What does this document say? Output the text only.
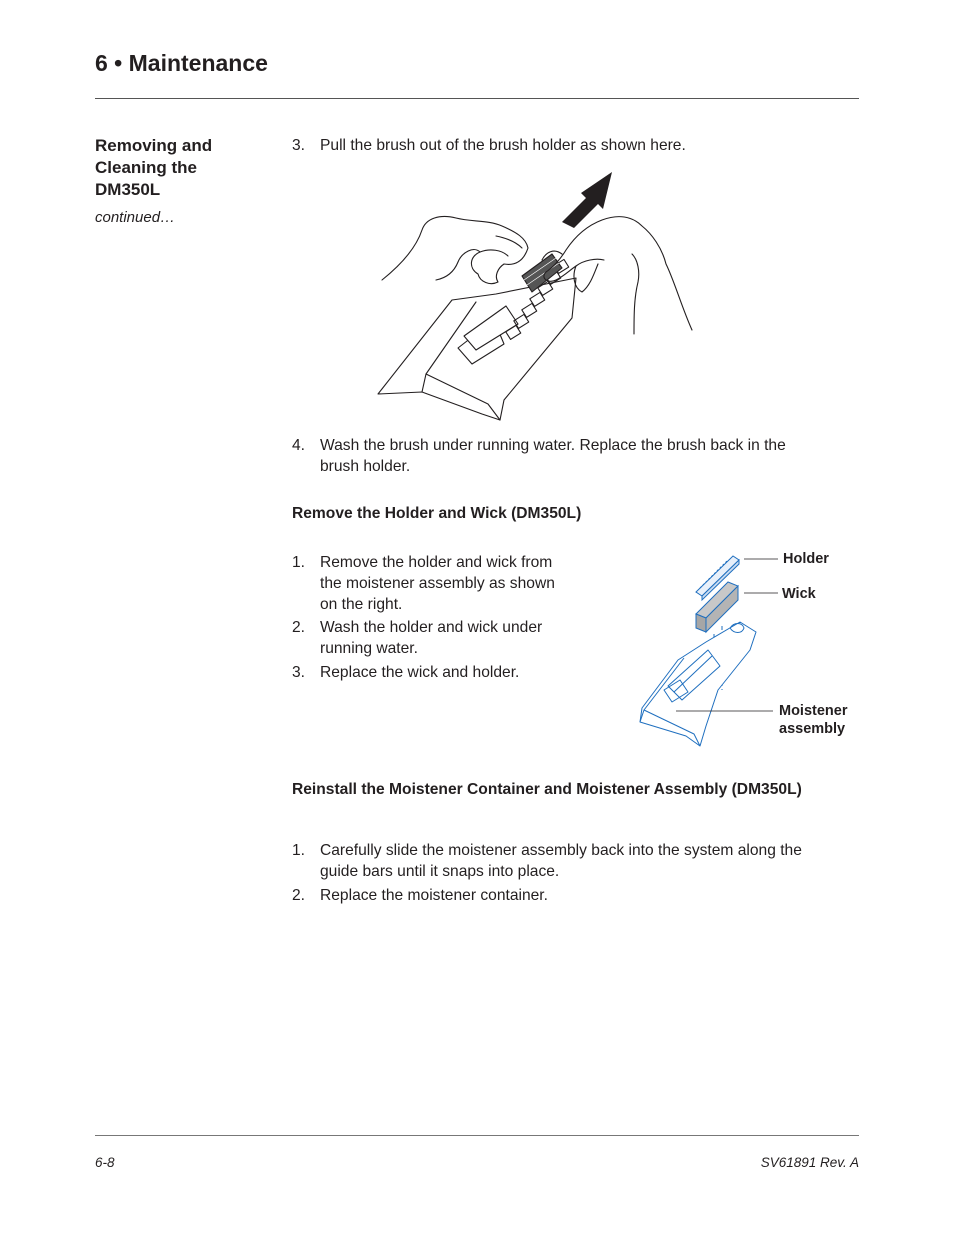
6 • Maintenance
Removing and
Cleaning the
DM350L

continued…

3. Pull the brush out of the brush holder as shown here.
4. Wash the brush under running water. Replace the brush back in the
brush holder.
Remove the Holder and Wick (DM350L)
1. Remove the holder and wick from
the moistener assembly as shown
on the right.
2. Wash the holder and wick under
running water.
3. Replace the wick and holder.
Holder
Wick
Moistener
assembly
Reinstall the Moistener Container and Moistener Assembly (DM350L)
1. Carefully slide the moistener assembly back into the system along the
guide bars until it snaps into place.
2. Replace the moistener container.
6-8	SV61891 Rev. A
